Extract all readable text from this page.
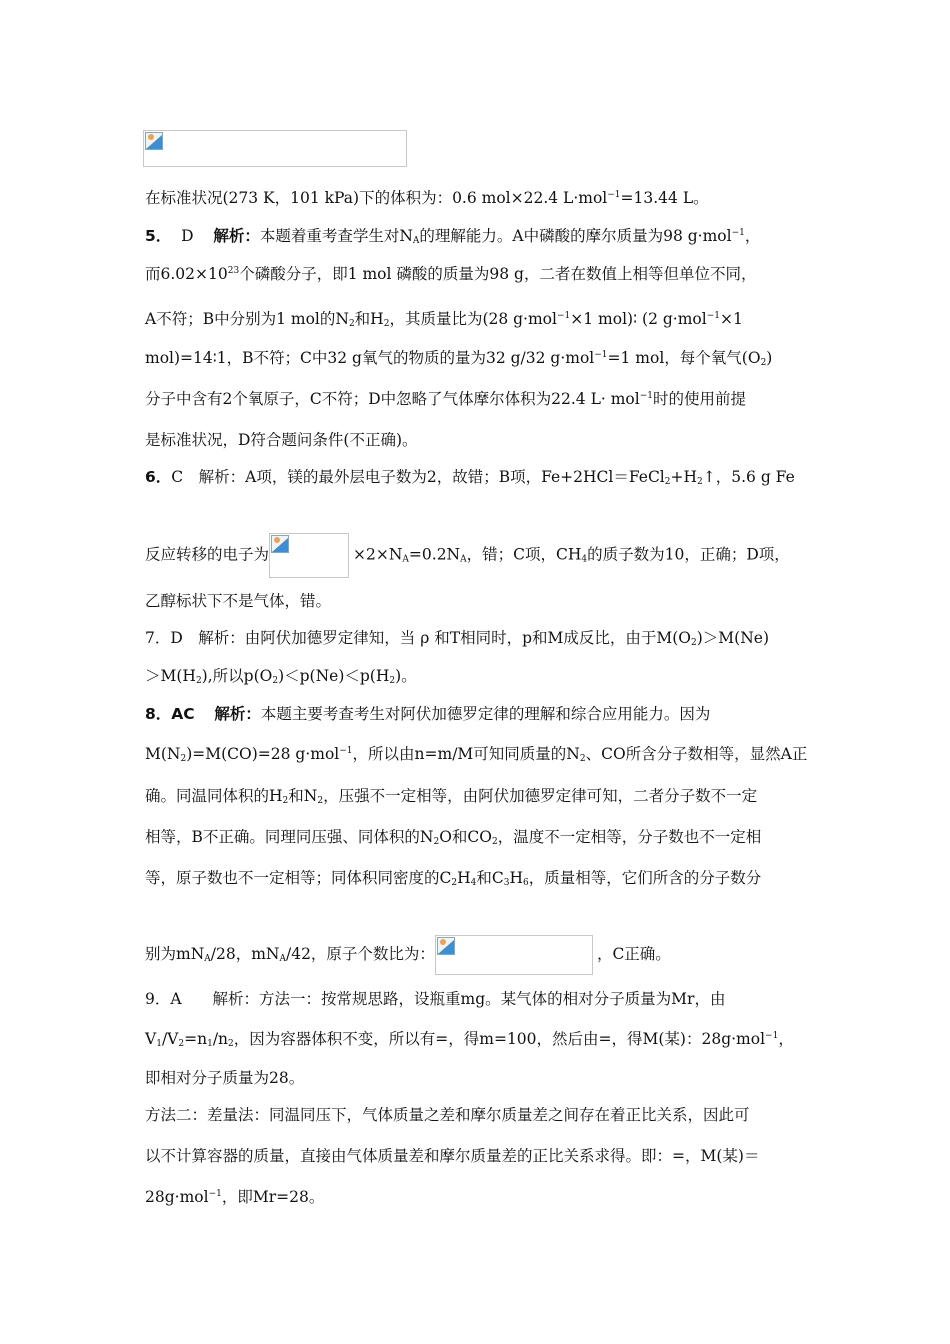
在标准状况(273 K，101 kPa)下的体积为：0.6 mol×22.4 L·mol$^{-1}$=13.44 L。
5． D 解析：本题着重考查学生对$N_A$的理解能力。A中磷酸的摩尔质量为98 g·mol$^{-1}$，
而$6.02\times 10^{23}$个磷酸分子，即1 mol 磷酸的质量为98 g，二者在数值上相等但单位不同，
A不符；B中分别为1 mol的$N_2$和$H_2$，其质量比为(28 g·mol$^{-1}$×1 mol)∶ (2 g·mol$^{-1}$×1
mol)=14∶1，B不符；C中32 g氧气的物质的量为32 g/32 g·mol$^{-1}$=1 mol，每个氧气$(O_2)$
分子中含有2个氧原子，C不符；D中忽略了气体摩尔体积为22.4 L· mol$^{-1}$时的使用前提
是标准状况，D符合题问条件(不正确)。
6．C　解析：A项，镁的最外层电子数为2，故错；B项，$Fe+2HCl=FeCl_2+H_2↑$，5.6 g Fe
反应转移的电子为	$\times 2\times N_A=0.2N_A$，错；C项，$CH_4$的质子数为10，正确；D项，
乙醇标状下不是气体，错。
7．D　解析：由阿伏加德罗定律知，当 ρ 和T相同时，p和M成反比，由于$M(O_2)>M(Ne)$
$>M(H_2)$,所以$p(O_2)<p(Ne)<p(H_2)$。
8．AC 解析：本题主要考查考生对阿伏加德罗定律的理解和综合应用能力。因为
$M(N_2)=M(CO)=28$ g·mol$^{-1}$，所以由n=m/M可知同质量的$N_2$、CO所含分子数相等，显然A正
确。同温同体积的$H_2$和$N_2$，压强不一定相等，由阿伏加德罗定律可知，二者分子数不一定
相等，B不正确。同理同压强、同体积的$N_2O$和$CO_2$，温度不一定相等，分子数也不一定相
等，原子数也不一定相等；同体积同密度的$C_2H_4$和$C_3H_6$，质量相等，它们所含的分子数分
别为$mN_A/28$，$mN_A/42$，原子个数比为：	，C正确。
9．A　　解析：方法一：按常规思路，设瓶重mg。某气体的相对分子质量为Mr，由
$V_1/V_2=n_1/n_2$，因为容器体积不变，所以有=，得m=100，然后由=，得M(某)：28g·mol$^{-1}$，
即相对分子质量为28。
方法二：差量法：同温同压下，气体质量之差和摩尔质量差之间存在着正比关系，因此可
以不计算容器的质量，直接由气体质量差和摩尔质量差的正比关系求得。即：=，M(某)＝
28g·mol$^{-1}$，即Mr=28。
